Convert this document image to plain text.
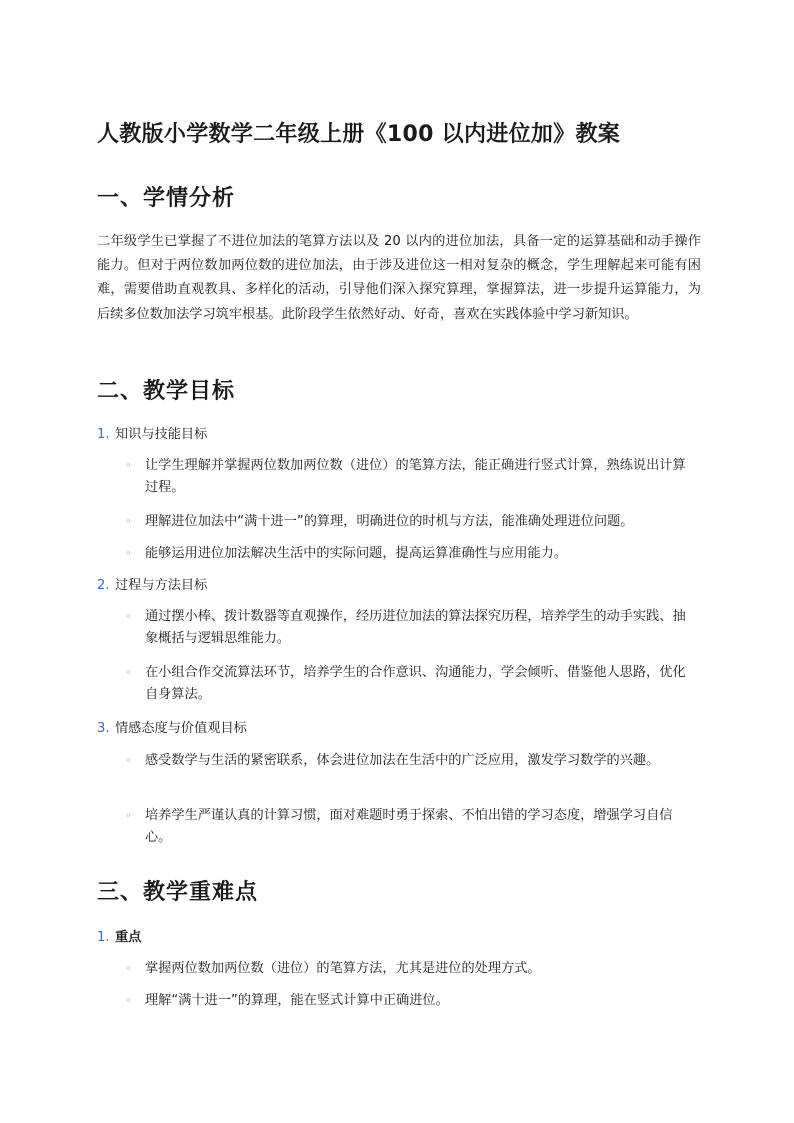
人教版小学数学二年级上册《100 以内进位加》教案
一、学情分析

二年级学生已掌握了不进位加法的笔算方法以及 20 以内的进位加法，具备一定的运算基础和动手操作能力。但对于两位数加两位数的进位加法，由于涉及进位这一相对复杂的概念，学生理解起来可能有困难，需要借助直观教具、多样化的活动，引导他们深入探究算理，掌握算法，进一步提升运算能力，为后续多位数加法学习筑牢根基。此阶段学生依然好动、好奇，喜欢在实践体验中学习新知识。

二、教学目标
1. 知识与技能目标
◦ 让学生理解并掌握两位数加两位数（进位）的笔算方法，能正确进行竖式计算，熟练说出计算过程。
◦ 理解进位加法中“满十进一”的算理，明确进位的时机与方法，能准确处理进位问题。
◦ 能够运用进位加法解决生活中的实际问题，提高运算准确性与应用能力。
2. 过程与方法目标
◦ 通过摆小棒、拨计数器等直观操作，经历进位加法的算法探究历程，培养学生的动手实践、抽象概括与逻辑思维能力。
◦ 在小组合作交流算法环节，培养学生的合作意识、沟通能力，学会倾听、借鉴他人思路，优化自身算法。
3. 情感态度与价值观目标
◦ 感受数学与生活的紧密联系，体会进位加法在生活中的广泛应用，激发学习数学的兴趣。
◦ 培养学生严谨认真的计算习惯，面对难题时勇于探索、不怕出错的学习态度，增强学习自信心。
三、教学重难点
1. 重点
◦ 掌握两位数加两位数（进位）的笔算方法，尤其是进位的处理方式。
◦ 理解“满十进一”的算理，能在竖式计算中正确进位。
